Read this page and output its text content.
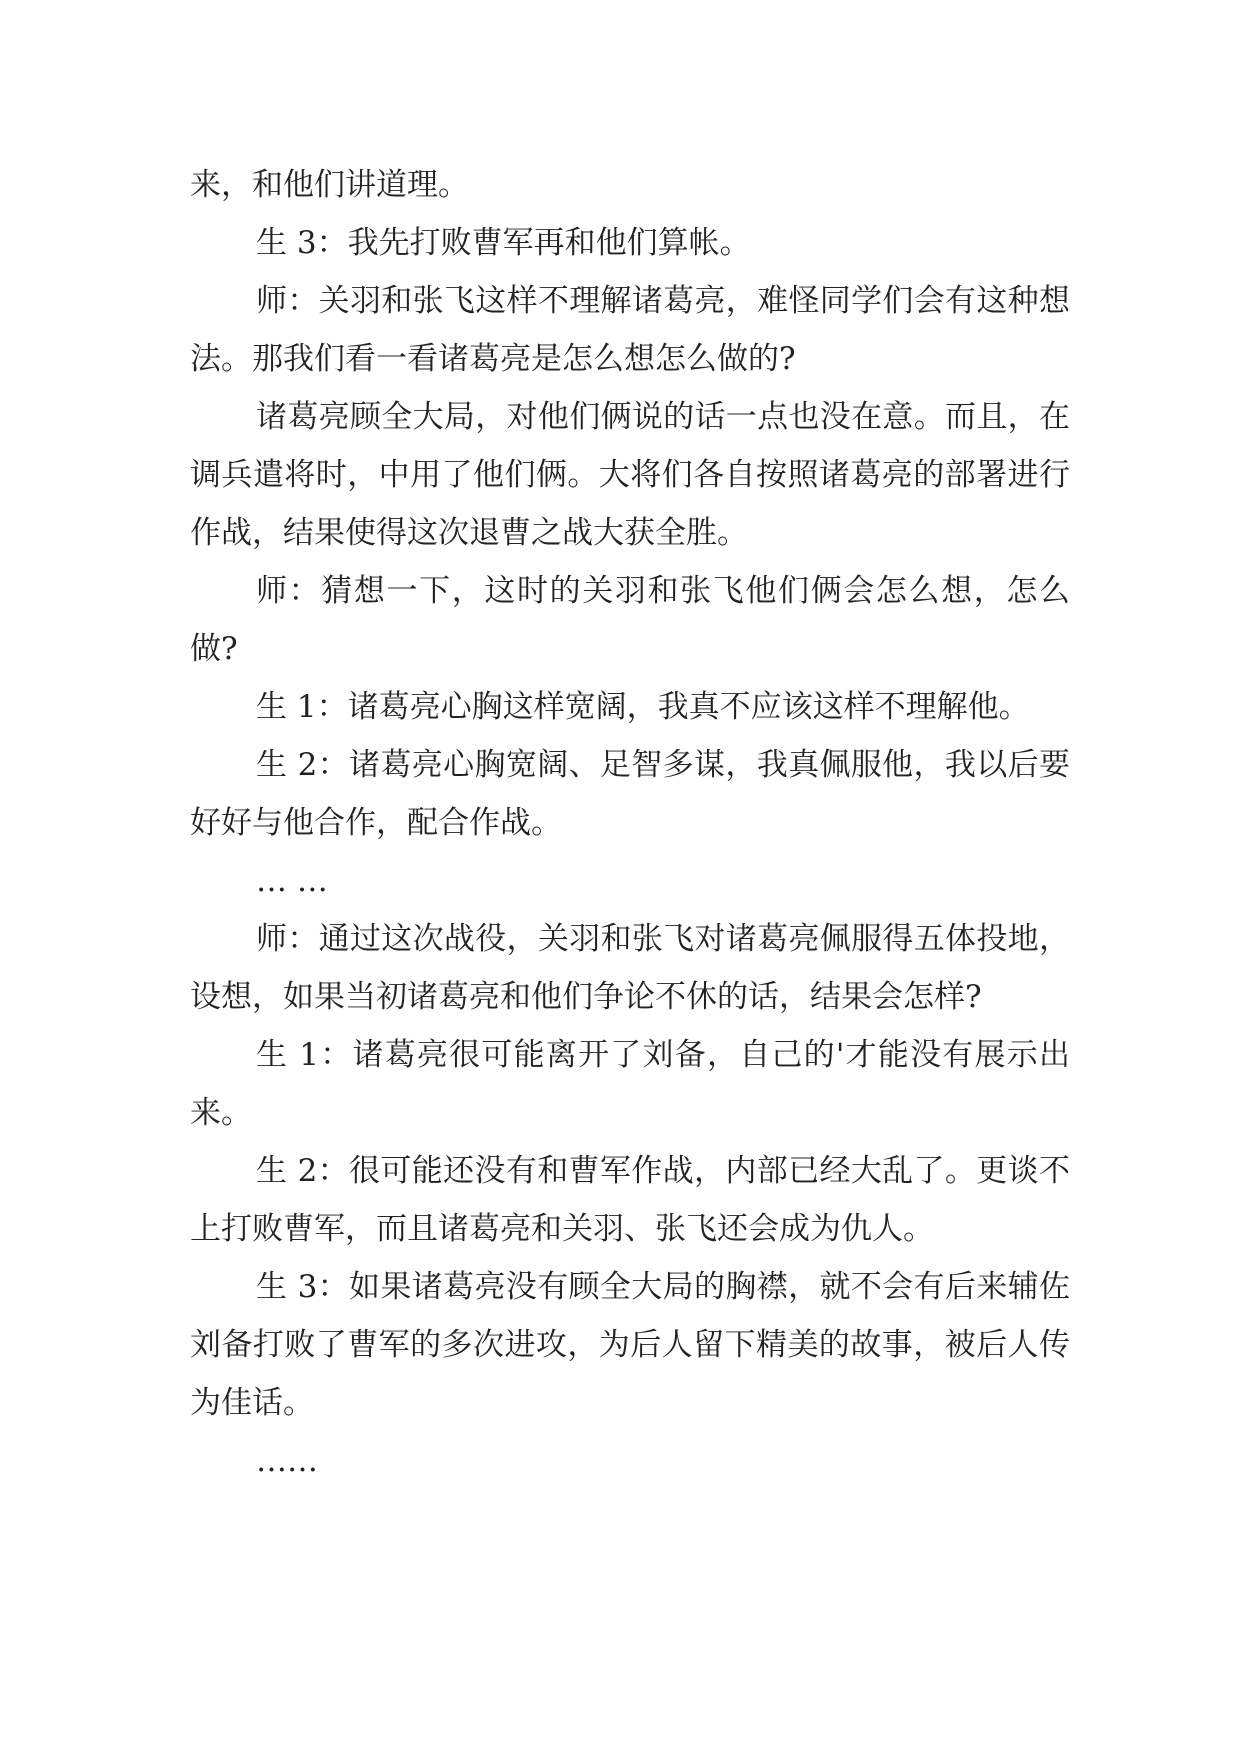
来，和他们讲道理。

生 3：我先打败曹军再和他们算帐。

师：关羽和张飞这样不理解诸葛亮，难怪同学们会有这种想法。那我们看一看诸葛亮是怎么想怎么做的?

诸葛亮顾全大局，对他们俩说的话一点也没在意。而且，在调兵遣将时，中用了他们俩。大将们各自按照诸葛亮的部署进行作战，结果使得这次退曹之战大获全胜。

师：猜想一下，这时的关羽和张飞他们俩会怎么想，怎么做?

生 1：诸葛亮心胸这样宽阔，我真不应该这样不理解他。

生 2：诸葛亮心胸宽阔、足智多谋，我真佩服他，我以后要好好与他合作，配合作战。

… …

师：通过这次战役，关羽和张飞对诸葛亮佩服得五体投地，设想，如果当初诸葛亮和他们争论不休的话，结果会怎样?

生 1：诸葛亮很可能离开了刘备，自己的'才能没有展示出来。

生 2：很可能还没有和曹军作战，内部已经大乱了。更谈不上打败曹军，而且诸葛亮和关羽、张飞还会成为仇人。

生 3：如果诸葛亮没有顾全大局的胸襟，就不会有后来辅佐刘备打败了曹军的多次进攻，为后人留下精美的故事，被后人传为佳话。

……
